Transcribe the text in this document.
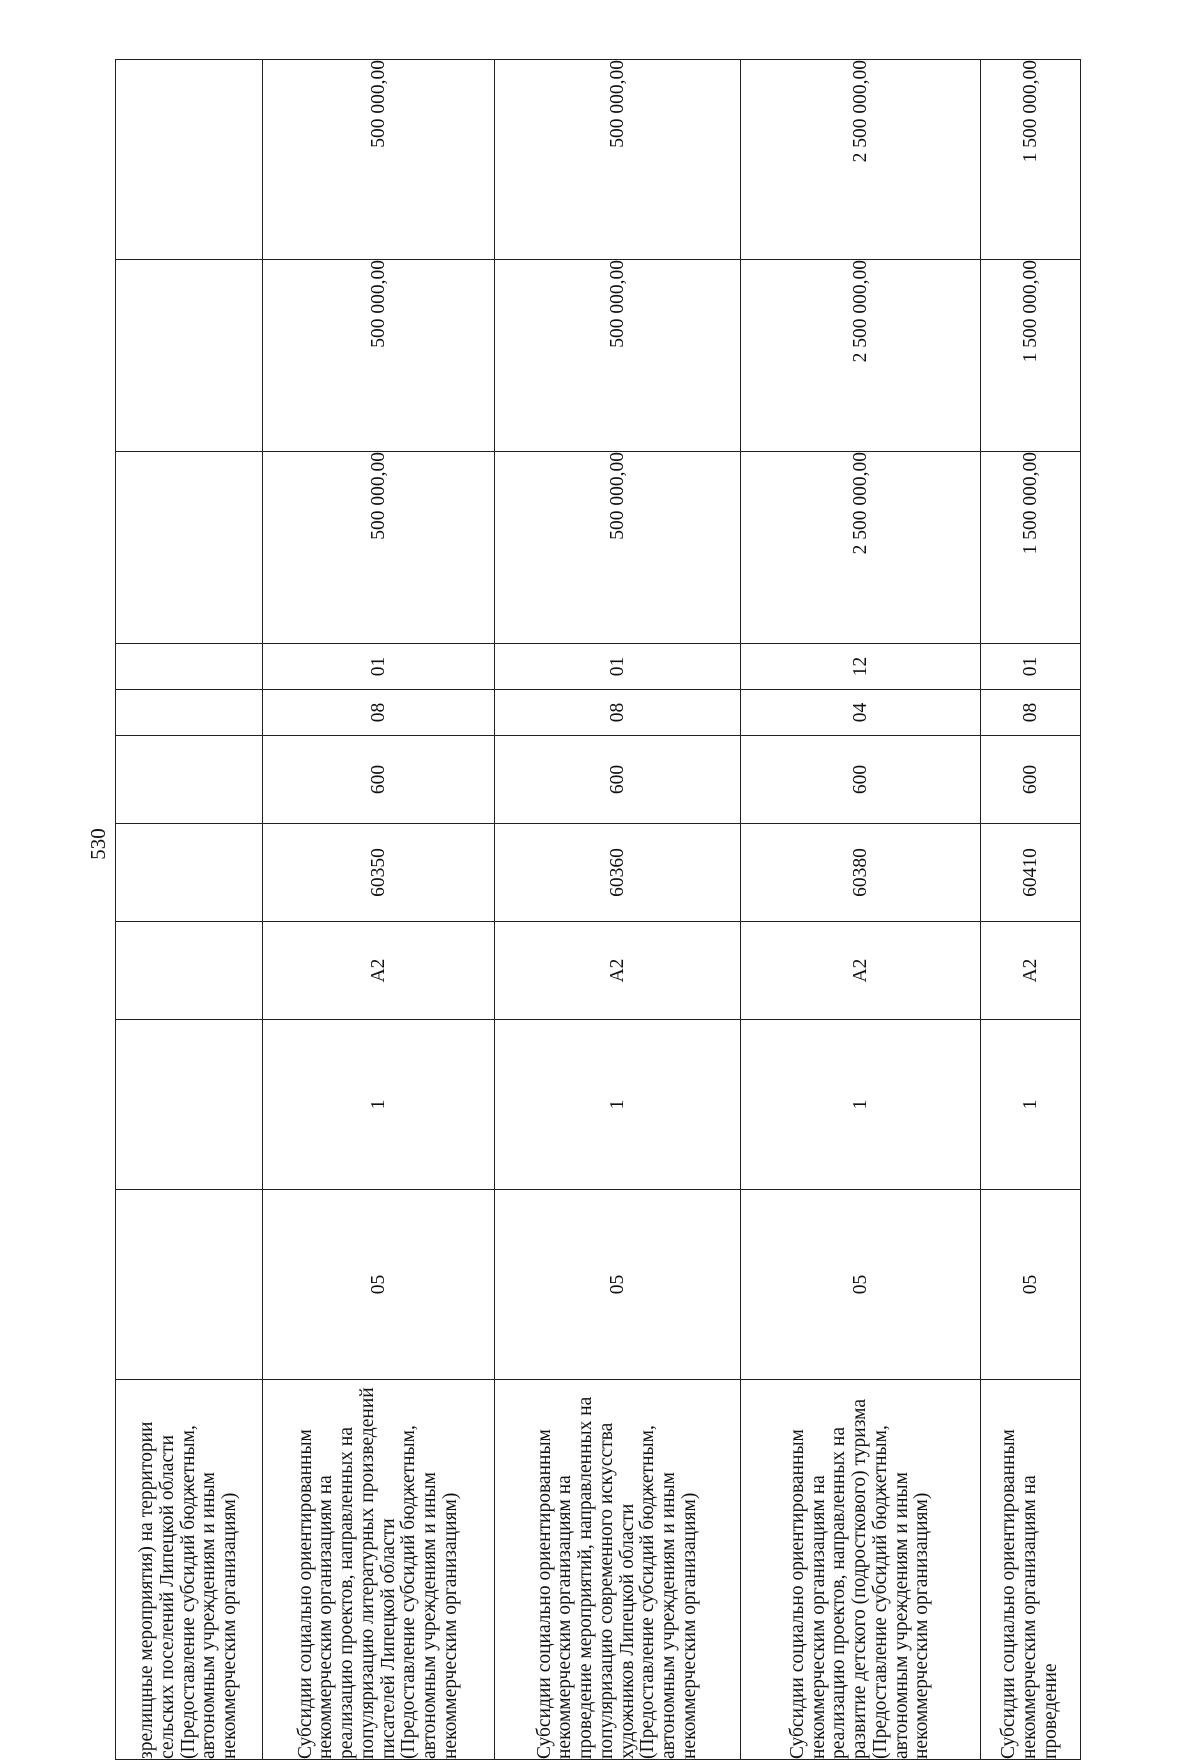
530
зрелищные мероприятия) на территории сельских поселений Липецкой области (Предоставление субсидий бюджетным, автономным учреждениям и иным некоммерческим организациям)										
Субсидии социально ориентированным некоммерческим организациям на реализацию проектов, направленных на популяризацию литературных произведений писателей Липецкой области (Предоставление субсидий бюджетным, автономным учреждениям и иным некоммерческим организациям)	05	1	A2	60350	600	08	01	500 000,00	500 000,00	500 000,00
Субсидии социально ориентированным некоммерческим организациям на проведение мероприятий, направленных на популяризацию современного искусства художников Липецкой области (Предоставление субсидий бюджетным, автономным учреждениям и иным некоммерческим организациям)	05	1	A2	60360	600	08	01	500 000,00	500 000,00	500 000,00
Субсидии социально ориентированным некоммерческим организациям на реализацию проектов, направленных на развитие детского (подросткового) туризма (Предоставление субсидий бюджетным, автономным учреждениям и иным некоммерческим организациям)	05	1	A2	60380	600	04	12	2 500 000,00	2 500 000,00	2 500 000,00
Субсидии социально ориентированным некоммерческим организациям на проведение	05	1	A2	60410	600	08	01	1 500 000,00	1 500 000,00	1 500 000,00
